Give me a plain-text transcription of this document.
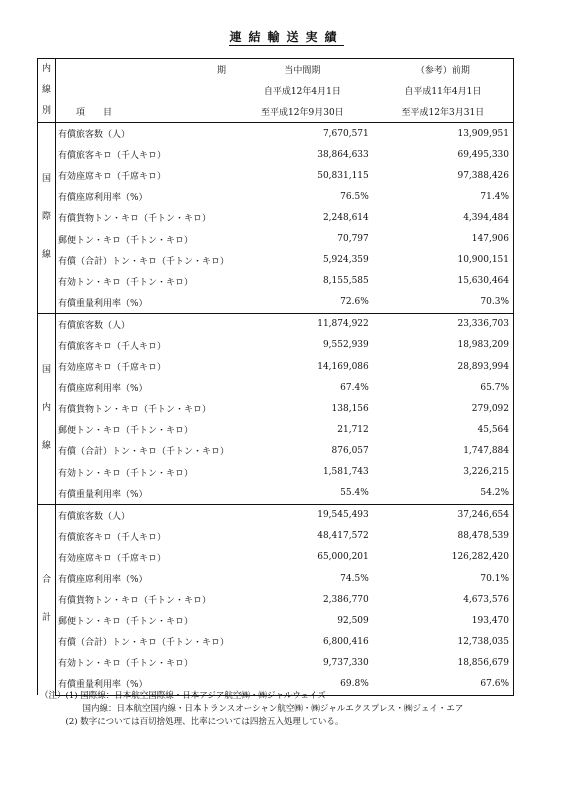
連結輸送実績
内
線
別	期	当中間期	（参考）前期
		自平成12年4月1日	自平成11年4月1日
	項　　目	至平成12年9月30日	至平成12年3月31日

国
際
線	有償旅客数（人）	7,670,571	13,909,951
	有償旅客キロ（千人キロ）	38,864,633	69,495,330
	有効座席キロ（千席キロ）	50,831,115	97,388,426
	有償座席利用率（%）	76.5%	71.4%
	有償貨物トン・キロ（千トン・キロ）	2,248,614	4,394,484
	郵便トン・キロ（千トン・キロ）	70,797	147,906
	有償（合計）トン・キロ（千トン・キロ）	5,924,359	10,900,151
	有効トン・キロ（千トン・キロ）	8,155,585	15,630,464
	有償重量利用率（%）	72.6%	70.3%

国
内
線	有償旅客数（人）	11,874,922	23,336,703
	有償旅客キロ（千人キロ）	9,552,939	18,983,209
	有効座席キロ（千席キロ）	14,169,086	28,893,994
	有償座席利用率（%）	67.4%	65.7%
	有償貨物トン・キロ（千トン・キロ）	138,156	279,092
	郵便トン・キロ（千トン・キロ）	21,712	45,564
	有償（合計）トン・キロ（千トン・キロ）	876,057	1,747,884
	有効トン・キロ（千トン・キロ）	1,581,743	3,226,215
	有償重量利用率（%）	55.4%	54.2%

合
計	有償旅客数（人）	19,545,493	37,246,654
	有償旅客キロ（千人キロ）	48,417,572	88,478,539
	有効座席キロ（千席キロ）	65,000,201	126,282,420
	有償座席利用率（%）	74.5%	70.1%
	有償貨物トン・キロ（千トン・キロ）	2,386,770	4,673,576
	郵便トン・キロ（千トン・キロ）	92,509	193,470
	有償（合計）トン・キロ（千トン・キロ）	6,800,416	12,738,035
	有効トン・キロ（千トン・キロ）	9,737,330	18,856,679
	有償重量利用率（%）	69.8%	67.6%
（注）(1) 国際線：日本航空国際線・日本アジア航空㈱・㈱ジャルウェイズ
　　　　　国内線：日本航空国内線・日本トランスオーシャン航空㈱・㈱ジャルエクスプレス・㈱ジェイ・エア
　　　(2) 数字については百切捨処理、比率については四捨五入処理している。
